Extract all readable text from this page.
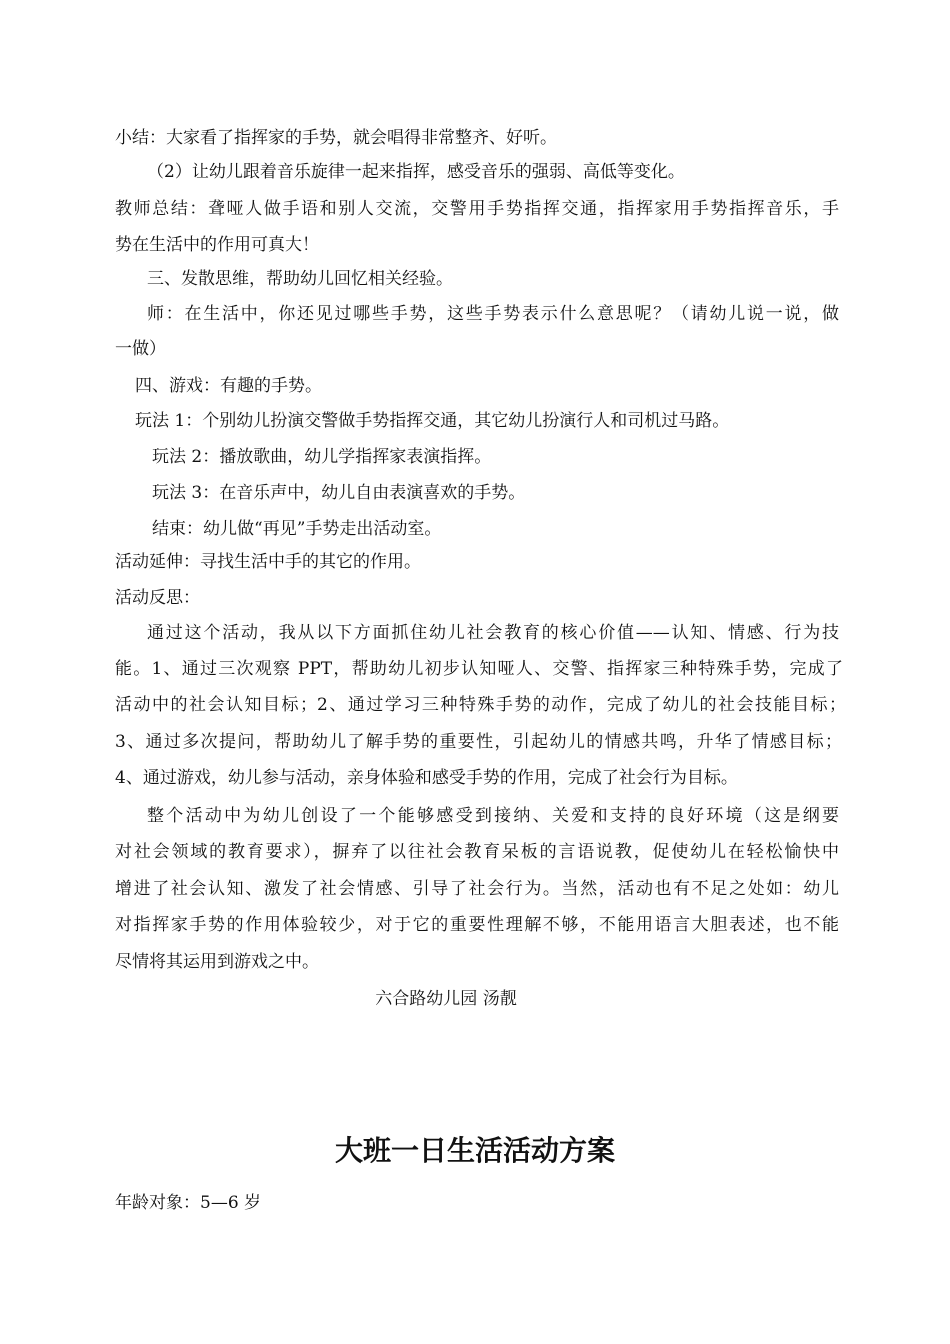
小结：大家看了指挥家的手势，就会唱得非常整齐、好听。
（2）让幼儿跟着音乐旋律一起来指挥，感受音乐的强弱、高低等变化。
教师总结：聋哑人做手语和别人交流，交警用手势指挥交通，指挥家用手势指挥音乐，手
势在生活中的作用可真大！
三、发散思维，帮助幼儿回忆相关经验。
师：在生活中，你还见过哪些手势，这些手势表示什么意思呢？（请幼儿说一说，做
一做）
四、游戏：有趣的手势。
玩法 1：个别幼儿扮演交警做手势指挥交通，其它幼儿扮演行人和司机过马路。
玩法 2：播放歌曲，幼儿学指挥家表演指挥。
玩法 3：在音乐声中，幼儿自由表演喜欢的手势。
结束：幼儿做“再见”手势走出活动室。
活动延伸：寻找生活中手的其它的作用。
活动反思：
通过这个活动，我从以下方面抓住幼儿社会教育的核心价值——认知、情感、行为技
能。1、通过三次观察 PPT，帮助幼儿初步认知哑人、交警、指挥家三种特殊手势，完成了
活动中的社会认知目标；2、通过学习三种特殊手势的动作，完成了幼儿的社会技能目标；
3、通过多次提问，帮助幼儿了解手势的重要性，引起幼儿的情感共鸣，升华了情感目标；
4、通过游戏，幼儿参与活动，亲身体验和感受手势的作用，完成了社会行为目标。
整个活动中为幼儿创设了一个能够感受到接纳、关爱和支持的良好环境（这是纲要
对社会领域的教育要求），摒弃了以往社会教育呆板的言语说教，促使幼儿在轻松愉快中
增进了社会认知、激发了社会情感、引导了社会行为。当然，活动也有不足之处如：幼儿
对指挥家手势的作用体验较少，对于它的重要性理解不够，不能用语言大胆表述，也不能
尽情将其运用到游戏之中。
六合路幼儿园 汤靓
大班一日生活活动方案
年龄对象：5—6 岁
